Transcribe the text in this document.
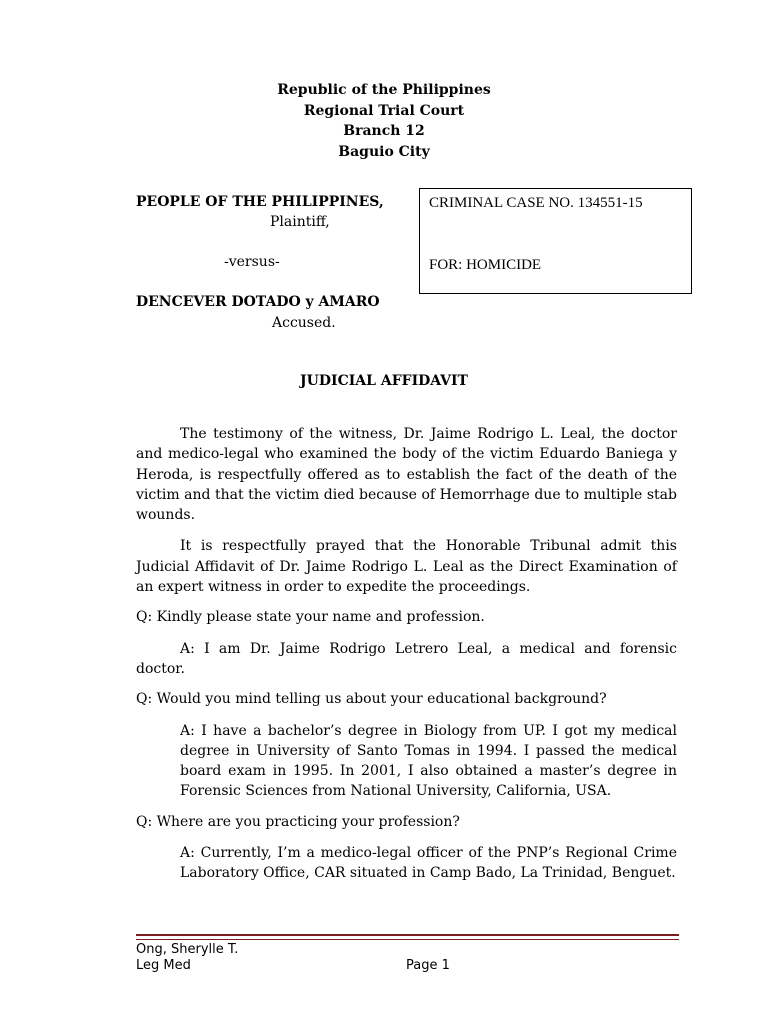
Republic of the Philippines
Regional Trial Court
Branch 12
Baguio City
PEOPLE OF THE PHILIPPINES,
Plaintiff,
-versus-
DENCEVER DOTADO y AMARO
Accused.
CRIMINAL CASE NO. 134551-15
FOR: HOMICIDE
JUDICIAL AFFIDAVIT

The testimony of the witness, Dr. Jaime Rodrigo L. Leal, the doctor and medico-legal who examined the body of the victim Eduardo Baniega y Heroda, is respectfully offered as to establish the fact of the death of the victim and that the victim died because of Hemorrhage due to multiple stab wounds.

It is respectfully prayed that the Honorable Tribunal admit this Judicial Affidavit of Dr. Jaime Rodrigo L. Leal as the Direct Examination of an expert witness in order to expedite the proceedings.

Q: Kindly please state your name and profession.

A: I am Dr. Jaime Rodrigo Letrero Leal, a medical and forensic doctor.

Q: Would you mind telling us about your educational background?

A: I have a bachelor’s degree in Biology from UP. I got my medical degree in University of Santo Tomas in 1994. I passed the medical board exam in 1995. In 2001, I also obtained a master’s degree in Forensic Sciences from National University, California, USA.

Q: Where are you practicing your profession?

A: Currently, I’m a medico-legal officer of the PNP’s Regional Crime Laboratory Office, CAR situated in Camp Bado, La Trinidad, Benguet.

Ong, Sherylle T.
Leg Med	Page 1
